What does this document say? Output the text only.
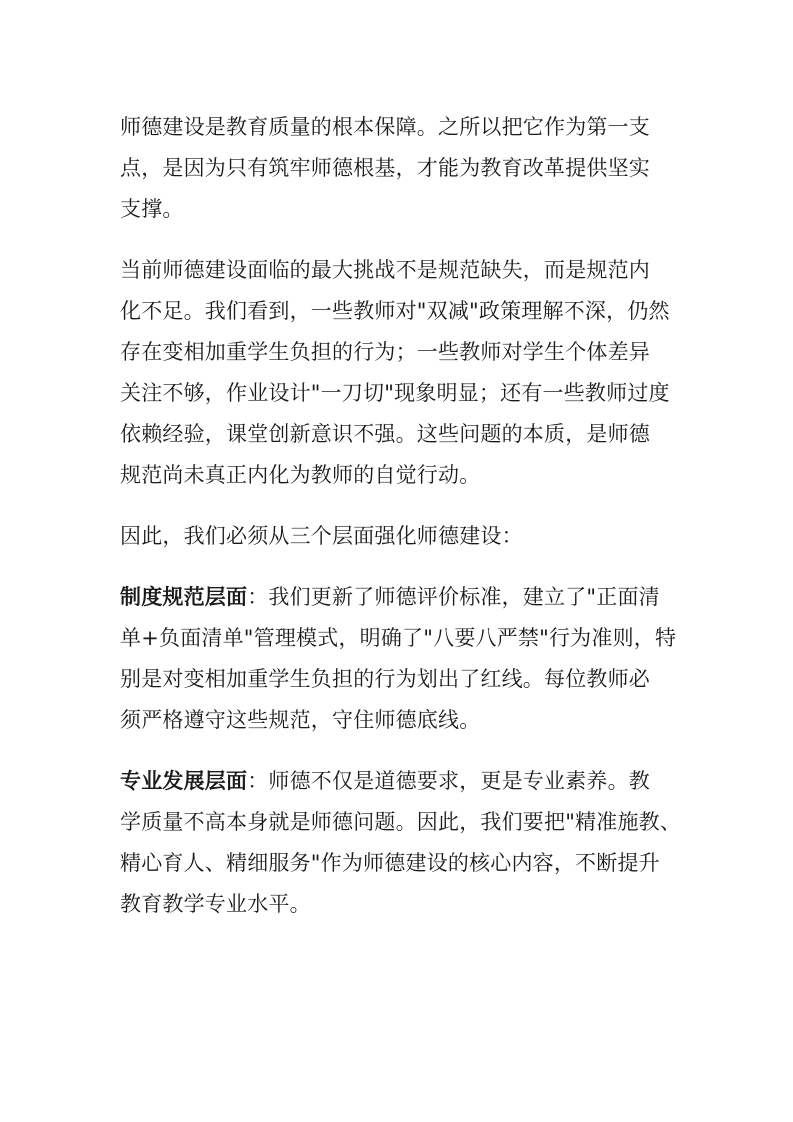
师德建设是教育质量的根本保障。之所以把它作为第一支
点，是因为只有筑牢师德根基，才能为教育改革提供坚实
支撑。
当前师德建设面临的最大挑战不是规范缺失，而是规范内
化不足。我们看到，一些教师对"双减"政策理解不深，仍然
存在变相加重学生负担的行为；一些教师对学生个体差异
关注不够，作业设计"一刀切"现象明显；还有一些教师过度
依赖经验，课堂创新意识不强。这些问题的本质，是师德
规范尚未真正内化为教师的自觉行动。
因此，我们必须从三个层面强化师德建设：
制度规范层面：我们更新了师德评价标准，建立了"正面清
单+负面清单"管理模式，明确了"八要八严禁"行为准则，特
别是对变相加重学生负担的行为划出了红线。每位教师必
须严格遵守这些规范，守住师德底线。
专业发展层面：师德不仅是道德要求，更是专业素养。教
学质量不高本身就是师德问题。因此，我们要把"精准施教、
精心育人、精细服务"作为师德建设的核心内容，不断提升
教育教学专业水平。
